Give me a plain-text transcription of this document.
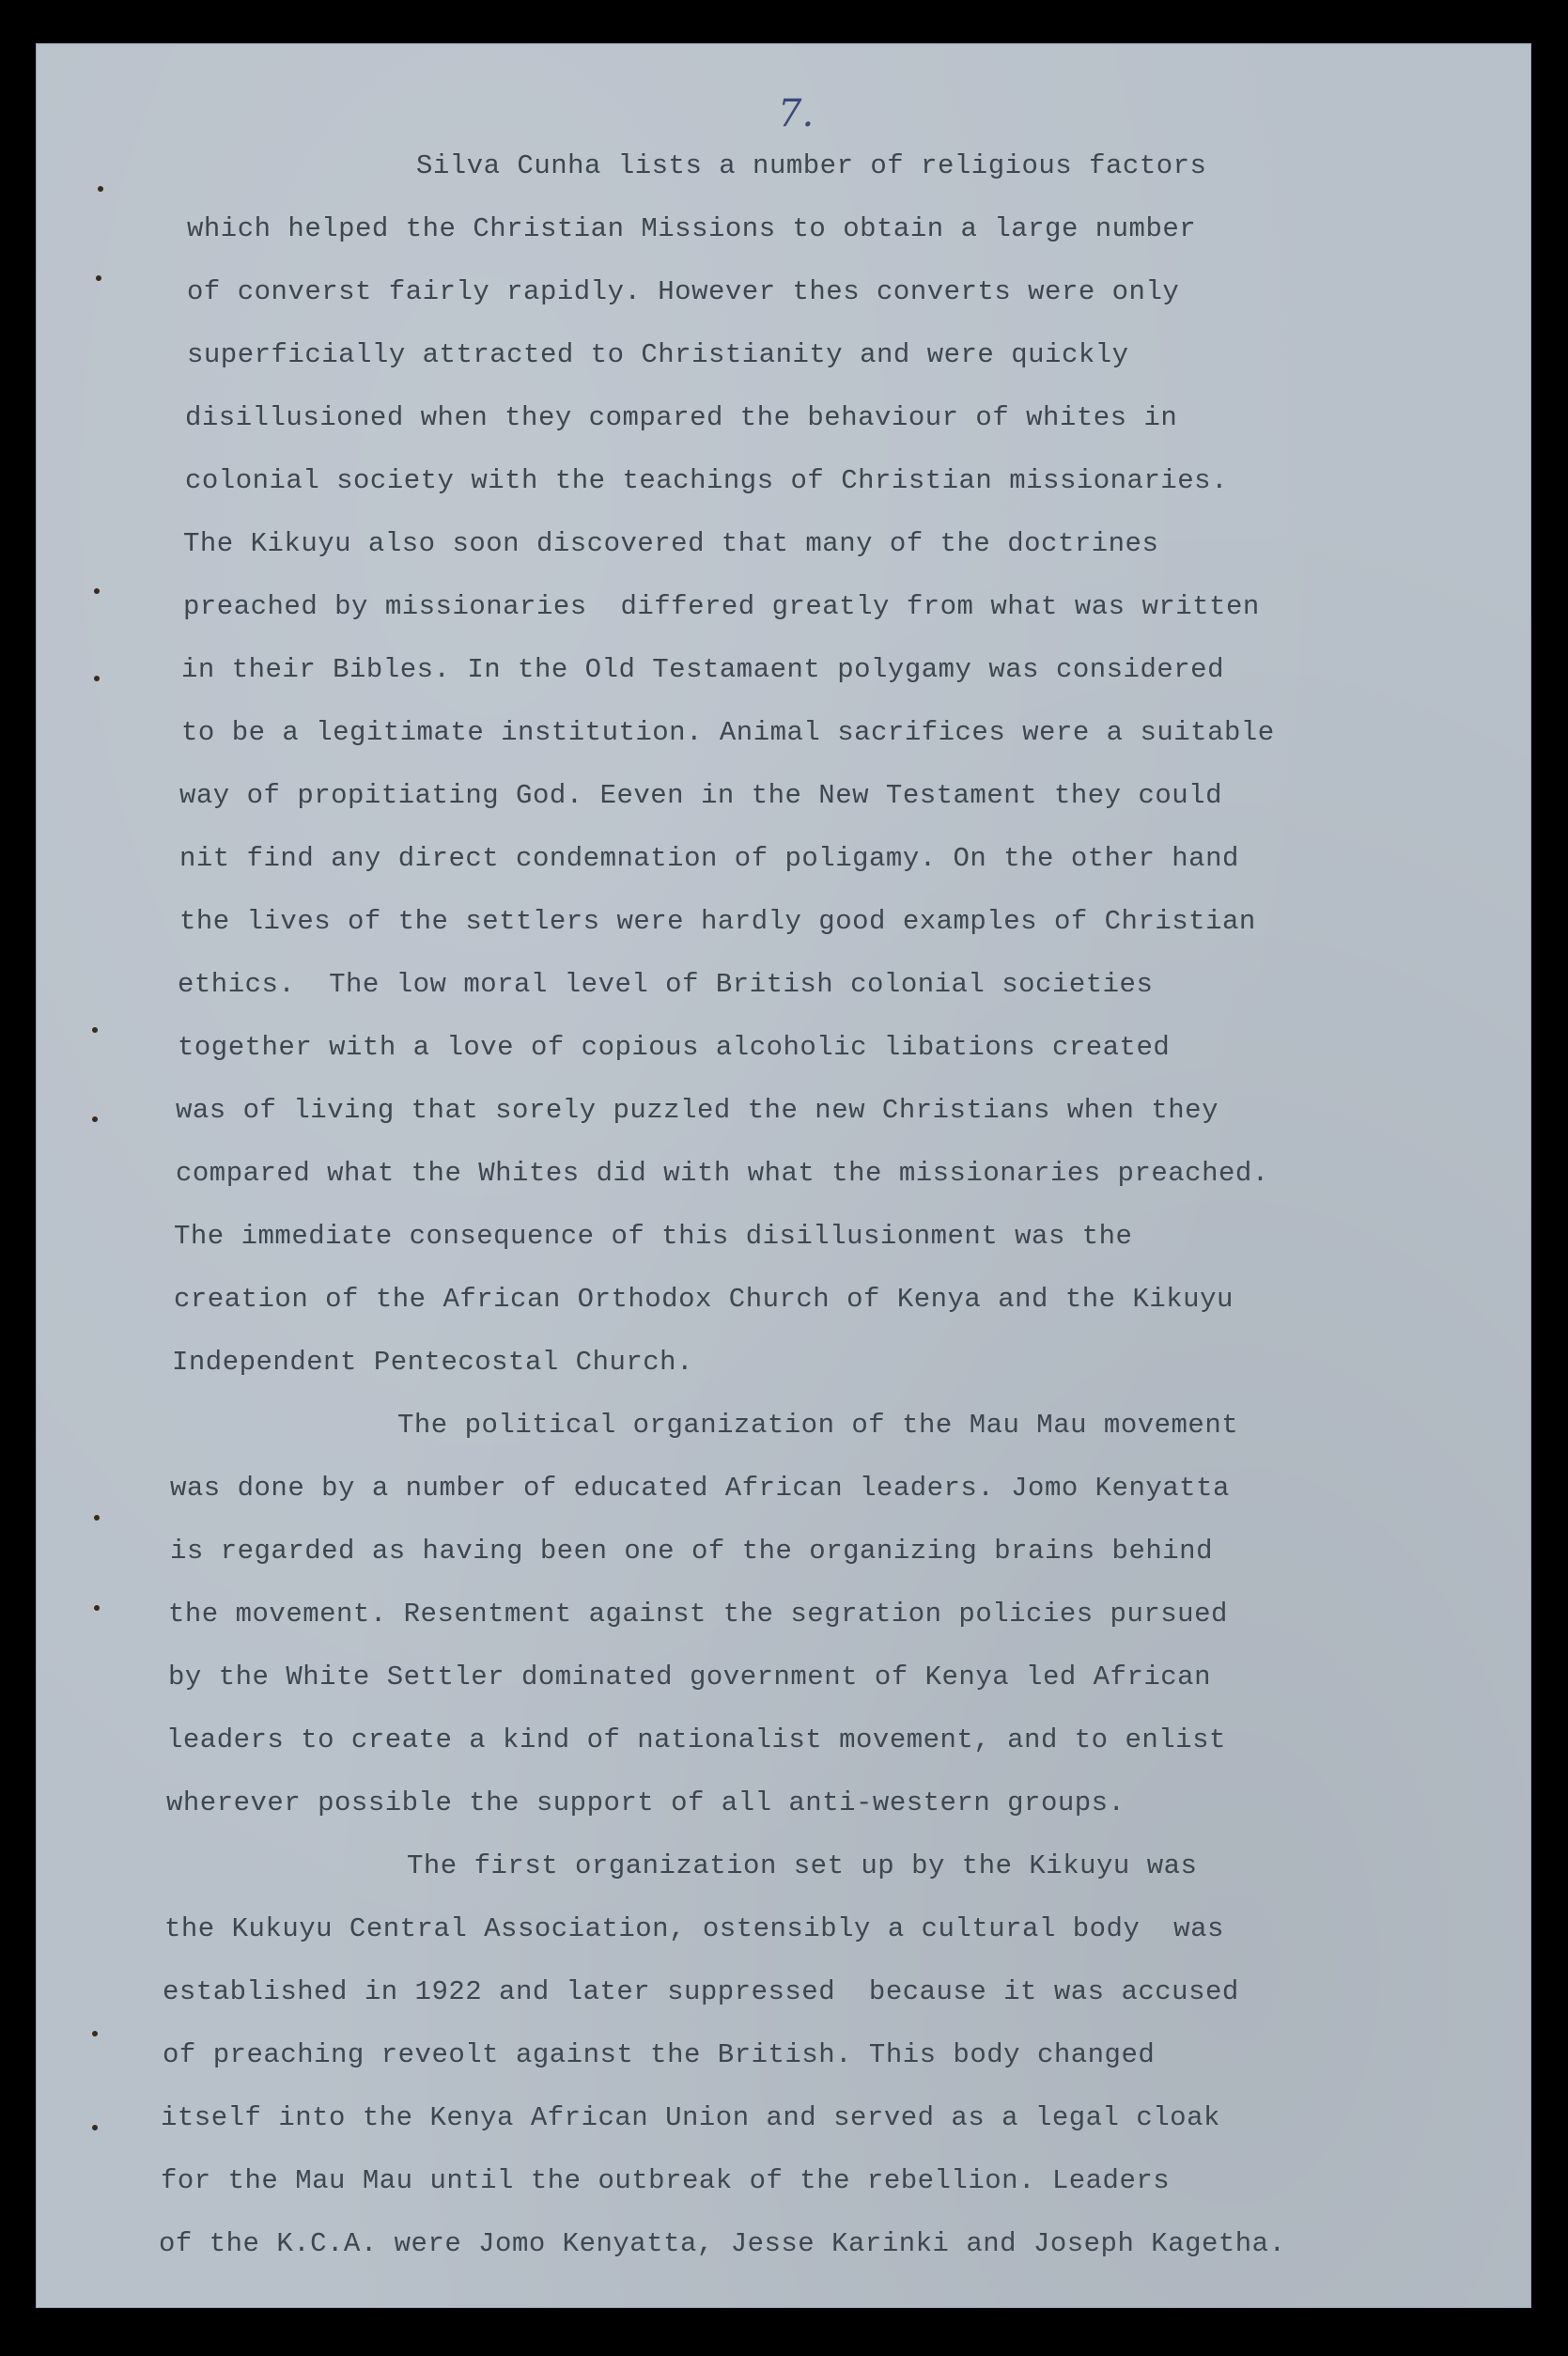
7.

Silva Cunha lists a number of religious factors

which helped the Christian Missions to obtain a large number

of converst fairly rapidly. However thes converts were only

superficially attracted to Christianity and were quickly

disillusioned when they compared the behaviour of whites in

colonial society with the teachings of Christian missionaries.

The Kikuyu also soon discovered that many of the doctrines

preached by missionaries  differed greatly from what was written

in their Bibles. In the Old Testamaent polygamy was considered

to be a legitimate institution. Animal sacrifices were a suitable

way of propitiating God. Eeven in the New Testament they could

nit find any direct condemnation of poligamy. On the other hand

the lives of the settlers were hardly good examples of Christian

ethics.  The low moral level of British colonial societies

together with a love of copious alcoholic libations created

was of living that sorely puzzled the new Christians when they

compared what the Whites did with what the missionaries preached.

The immediate consequence of this disillusionment was the

creation of the African Orthodox Church of Kenya and the Kikuyu

Independent Pentecostal Church.

The political organization of the Mau Mau movement

was done by a number of educated African leaders. Jomo Kenyatta

is regarded as having been one of the organizing brains behind

the movement. Resentment against the segration policies pursued

by the White Settler dominated government of Kenya led African

leaders to create a kind of nationalist movement, and to enlist

wherever possible the support of all anti-western groups.

The first organization set up by the Kikuyu was

the Kukuyu Central Association, ostensibly a cultural body  was

established in 1922 and later suppressed  because it was accused

of preaching reveolt against the British. This body changed

itself into the Kenya African Union and served as a legal cloak

for the Mau Mau until the outbreak of the rebellion. Leaders

of the K.C.A. were Jomo Kenyatta, Jesse Karinki and Joseph Kagetha.
